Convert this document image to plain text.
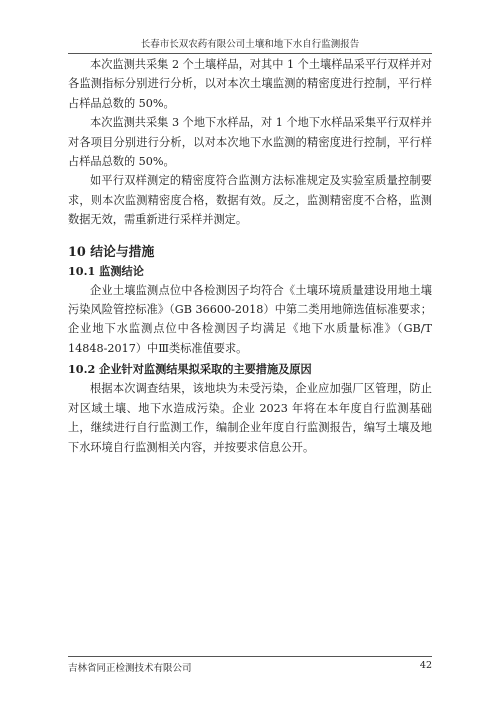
长春市长双农药有限公司土壤和地下水自行监测报告

本次监测共采集 2 个土壤样品，对其中 1 个土壤样品采平行双样并对各监测指标分别进行分析，以对本次土壤监测的精密度进行控制，平行样占样品总数的 50%。

本次监测共采集 3 个地下水样品，对 1 个地下水样品采集平行双样并对各项目分别进行分析，以对本次地下水监测的精密度进行控制，平行样占样品总数的 50%。

如平行双样测定的精密度符合监测方法标准规定及实验室质量控制要求，则本次监测精密度合格，数据有效。反之，监测精密度不合格，监测数据无效，需重新进行采样并测定。

10 结论与措施
10.1 监测结论

企业土壤监测点位中各检测因子均符合《土壤环境质量建设用地土壤污染风险管控标准》（GB 36600-2018）中第二类用地筛选值标准要求；企业地下水监测点位中各检测因子均满足《地下水质量标准》（GB/T 14848-2017）中Ⅲ类标准值要求。

10.2 企业针对监测结果拟采取的主要措施及原因

根据本次调查结果，该地块为未受污染，企业应加强厂区管理，防止对区域土壤、地下水造成污染。企业 2023 年将在本年度自行监测基础上，继续进行自行监测工作，编制企业年度自行监测报告，编写土壤及地下水环境自行监测相关内容，并按要求信息公开。

吉林省同正检测技术有限公司	42
